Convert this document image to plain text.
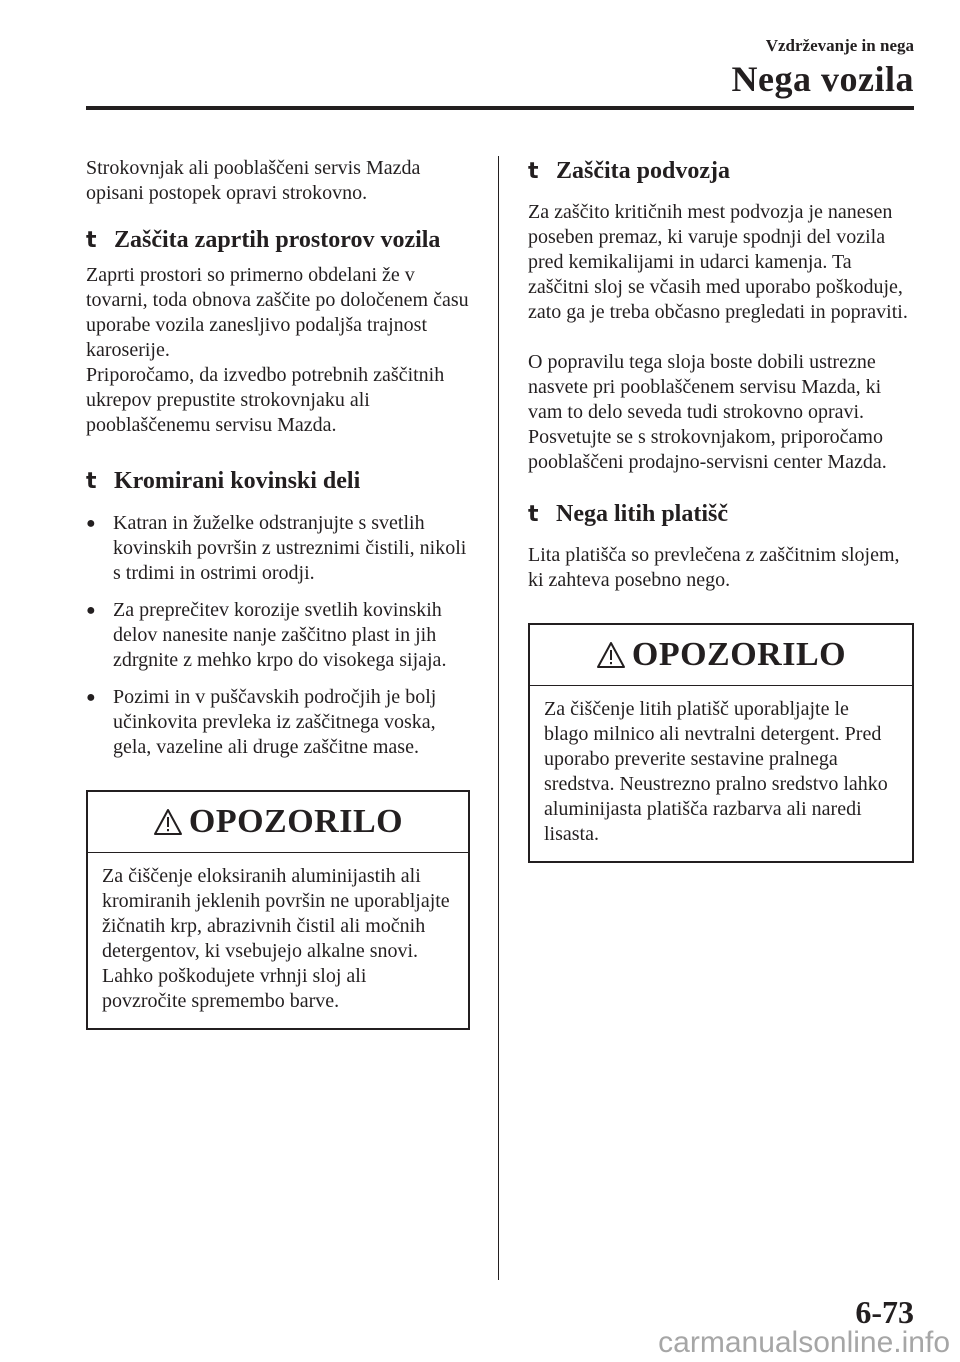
Vzdrževanje in nega
Nega vozila

Strokovnjak ali pooblaščeni servis Mazda opisani postopek opravi strokovno.

t Zaščita zaprtih prostorov vozila

Zaprti prostori so primerno obdelani že v tovarni, toda obnova zaščite po določenem času uporabe vozila zanesljivo podaljša trajnost karoserije.

Priporočamo, da izvedbo potrebnih zaščitnih ukrepov prepustite strokovnjaku ali pooblaščenemu servisu Mazda.

t Kromirani kovinski deli
● Katran in žuželke odstranjujte s svetlih kovinskih površin z ustreznimi čistili, nikoli s trdimi in ostrimi orodji.
● Za preprečitev korozije svetlih kovinskih delov nanesite nanje zaščitno plast in jih zdrgnite z mehko krpo do visokega sijaja.
● Pozimi in v puščavskih področjih je bolj učinkovita prevleka iz zaščitnega voska, gela, vazeline ali druge zaščitne mase.
OPOZORILO
Za čiščenje eloksiranih aluminijastih ali kromiranih jeklenih površin ne uporabljajte žičnatih krp, abrazivnih čistil ali močnih detergentov, ki vsebujejo alkalne snovi. Lahko poškodujete vrhnji sloj ali povzročite spremembo barve.
t Zaščita podvozja

Za zaščito kritičnih mest podvozja je nanesen poseben premaz, ki varuje spodnji del vozila pred kemikalijami in udarci kamenja. Ta zaščitni sloj se včasih med uporabo poškoduje, zato ga je treba občasno pregledati in popraviti.

O popravilu tega sloja boste dobili ustrezne nasvete pri pooblaščenem servisu Mazda, ki vam to delo seveda tudi strokovno opravi. Posvetujte se s strokovnjakom, priporočamo pooblaščeni prodajno-servisni center Mazda.

t Nega litih platišč

Lita platišča so prevlečena z zaščitnim slojem, ki zahteva posebno nego.

OPOZORILO
Za čiščenje litih platišč uporabljajte le blago milnico ali nevtralni detergent. Pred uporabo preverite sestavine pralnega sredstva. Neustrezno pralno sredstvo lahko aluminijasta platišča razbarva ali naredi lisasta.
6-73
carmanualsonline.info
